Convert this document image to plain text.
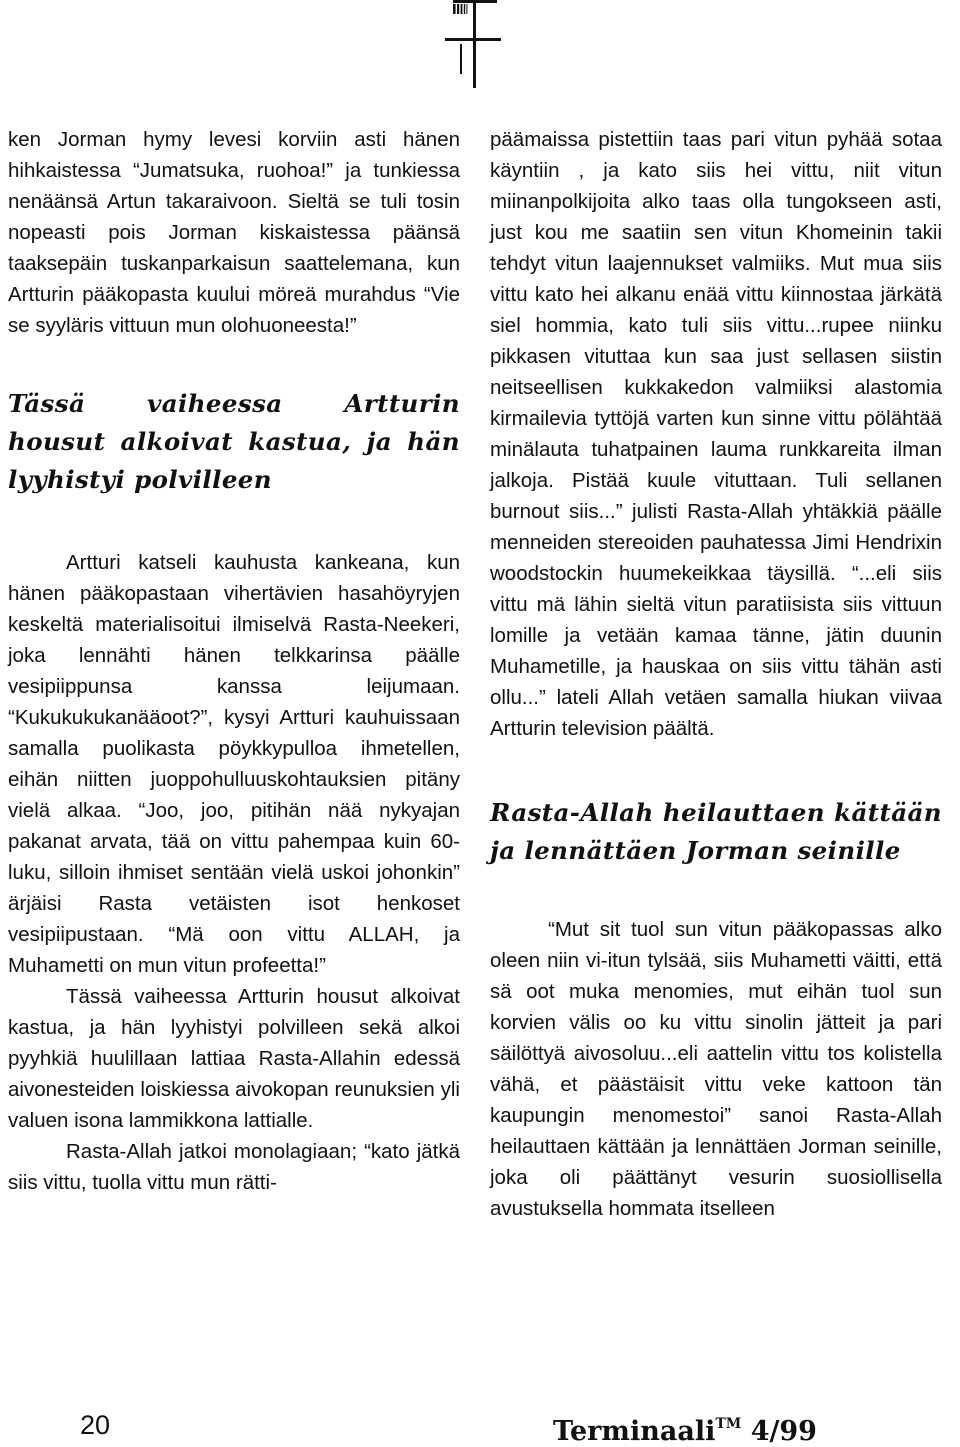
ken Jorman hymy levesi korviin asti hänen hihkaistessa “Jumatsuka, ruohoa!” ja tunkiessa nenäänsä Artun takaraivoon. Sieltä se tuli tosin nopeasti pois Jorman kiskaistessa päänsä taaksepäin tuskanparkaisun saattelemana, kun Artturin pääkopasta kuului möreä murahdus “Vie se syyläris vittuun mun olohuoneesta!”

Tässä vaiheessa Artturin housut alkoivat kastua, ja hän lyyhistyi polvilleen

Artturi katseli kauhusta kankeana, kun hänen pääkopastaan vihertävien hasahöyryjen keskeltä materialisoitui ilmiselvä Rasta-Neekeri, joka lennähti hänen telkkarinsa päälle vesipiippunsa kanssa leijumaan. “Kukukukukanääoot?”, kysyi Artturi kauhuissaan samalla puolikasta pöykkypulloa ihmetellen, eihän niitten juoppohulluuskohtauksien pitäny vielä alkaa. “Joo, joo, pitihän nää nykyajan pakanat arvata, tää on vittu pahempaa kuin 60-luku, silloin ihmiset sentään vielä uskoi johonkin” ärjäisi Rasta vetäisten isot henkoset vesipiipustaan. “Mä oon vittu ALLAH, ja Muhametti on mun vitun profeetta!”

Tässä vaiheessa Artturin housut alkoivat kastua, ja hän lyyhistyi polvilleen sekä alkoi pyyhkiä huulillaan lattiaa Rasta-Allahin edessä aivonesteiden loiskiessa aivokopan reunuksien yli valuen isona lammikkona lattialle.

Rasta-Allah jatkoi monolagiaan; “kato jätkä siis vittu, tuolla vittu mun rätti-

päämaissa pistettiin taas pari vitun pyhää sotaa käyntiin , ja kato siis hei vittu, niit vitun miinanpolkijoita alko taas olla tungokseen asti, just kou me saatiin sen vitun Khomeinin takii tehdyt vitun laajennukset valmiiks. Mut mua siis vittu kato hei alkanu enää vittu kiinnostaa järkätä siel hommia, kato tuli siis vittu...rupee niinku pikkasen vituttaa kun saa just sellasen siistin neitseellisen kukkakedon valmiiksi alastomia kirmailevia tyttöjä varten kun sinne vittu pölähtää minälauta tuhatpainen lauma runkkareita ilman jalkoja. Pistää kuule vituttaan. Tuli sellanen burnout siis...” julisti Rasta-Allah yhtäkkiä päälle menneiden stereoiden pauhatessa Jimi Hendrixin woodstockin huumekeikkaa täysillä. “...eli siis vittu mä lähin sieltä vitun paratiisista siis vittuun lomille ja vetään kamaa tänne, jätin duunin Muhametille, ja hauskaa on siis vittu tähän asti ollu...” lateli Allah vetäen samalla hiukan viivaa Artturin television päältä.

Rasta-Allah heilauttaen kättään ja lennättäen Jorman seinille

“Mut sit tuol sun vitun pääkopassas alko oleen niin vi-itun tylsää, siis Muhametti väitti, että sä oot muka menomies, mut eihän tuol sun korvien välis oo ku vittu sinolin jätteit ja pari säilöttyä aivosoluu...eli aattelin vittu tos kolistella vähä, et päästäisit vittu veke kattoon tän kaupungin menomestoi” sanoi Rasta-Allah heilauttaen kättään ja lennättäen Jorman seinille, joka oli päättänyt vesurin suosiollisella avustuksella hommata itselleen

20	Terminaali™ 4/99
